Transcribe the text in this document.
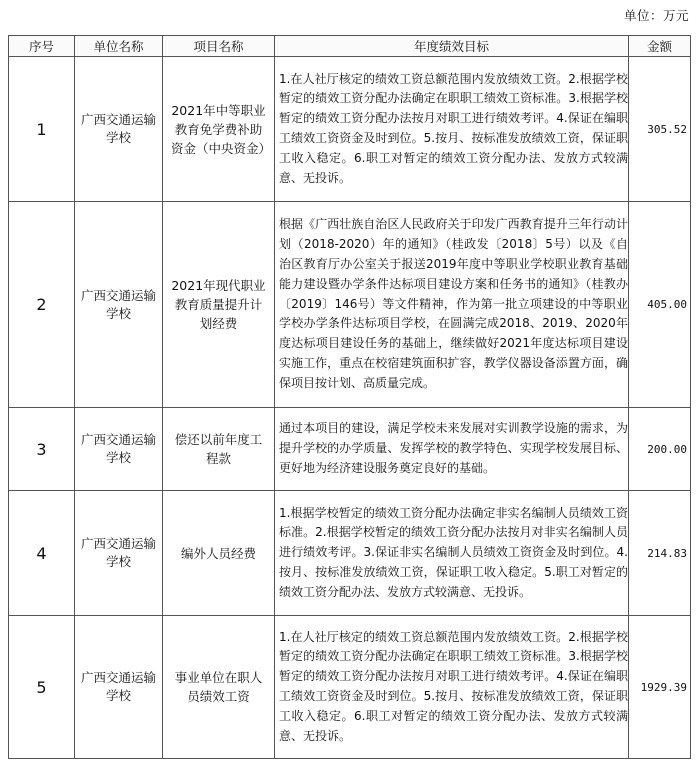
单位：万元
序号	单位名称	项目名称	年度绩效目标	金额
1	广西交通运输学校	2021年中等职业教育免学费补助资金（中央资金）	1.在人社厅核定的绩效工资总额范围内发放绩效工资。2.根据学校暂定的绩效工资分配办法确定在职职工绩效工资标准。3.根据学校暂定的绩效工资分配办法按月对职工进行绩效考评。4.保证在编职工绩效工资资金及时到位。5.按月、按标准发放绩效工资，保证职工收入稳定。6.职工对暂定的绩效工资分配办法、发放方式较满意、无投诉。	305.52
2	广西交通运输学校	2021年现代职业教育质量提升计划经费	根据《广西壮族自治区人民政府关于印发广西教育提升三年行动计划（2018-2020）年的通知》（桂政发〔2018〕5号）以及《自治区教育厅办公室关于报送2019年度中等职业学校职业教育基础能力建设暨办学条件达标项目建设方案和任务书的通知》（桂教办〔2019〕146号）等文件精神，作为第一批立项建设的中等职业学校办学条件达标项目学校，在圆满完成2018、2019、2020年度达标项目建设任务的基础上，继续做好2021年度达标项目建设实施工作，重点在校宿建筑面积扩容，教学仪器设备添置方面，确保项目按计划、高质量完成。	405.00
3	广西交通运输学校	偿还以前年度工程款	通过本项目的建设，满足学校未来发展对实训教学设施的需求，为提升学校的办学质量、发挥学校的教学特色、实现学校发展目标、更好地为经济建设服务奠定良好的基础。	200.00
4	广西交通运输学校	编外人员经费	1.根据学校暂定的绩效工资分配办法确定非实名编制人员绩效工资标准。2.根据学校暂定的绩效工资分配办法按月对非实名编制人员进行绩效考评。3.保证非实名编制人员绩效工资资金及时到位。4.按月、按标准发放绩效工资，保证职工收入稳定。5.职工对暂定的绩效工资分配办法、发放方式较满意、无投诉。	214.83
5	广西交通运输学校	事业单位在职人员绩效工资	1.在人社厅核定的绩效工资总额范围内发放绩效工资。2.根据学校暂定的绩效工资分配办法确定在职职工绩效工资标准。3.根据学校暂定的绩效工资分配办法按月对职工进行绩效考评。4.保证在编职工绩效工资资金及时到位。5.按月、按标准发放绩效工资，保证职工收入稳定。6.职工对暂定的绩效工资分配办法、发放方式较满意、无投诉。	1929.39
